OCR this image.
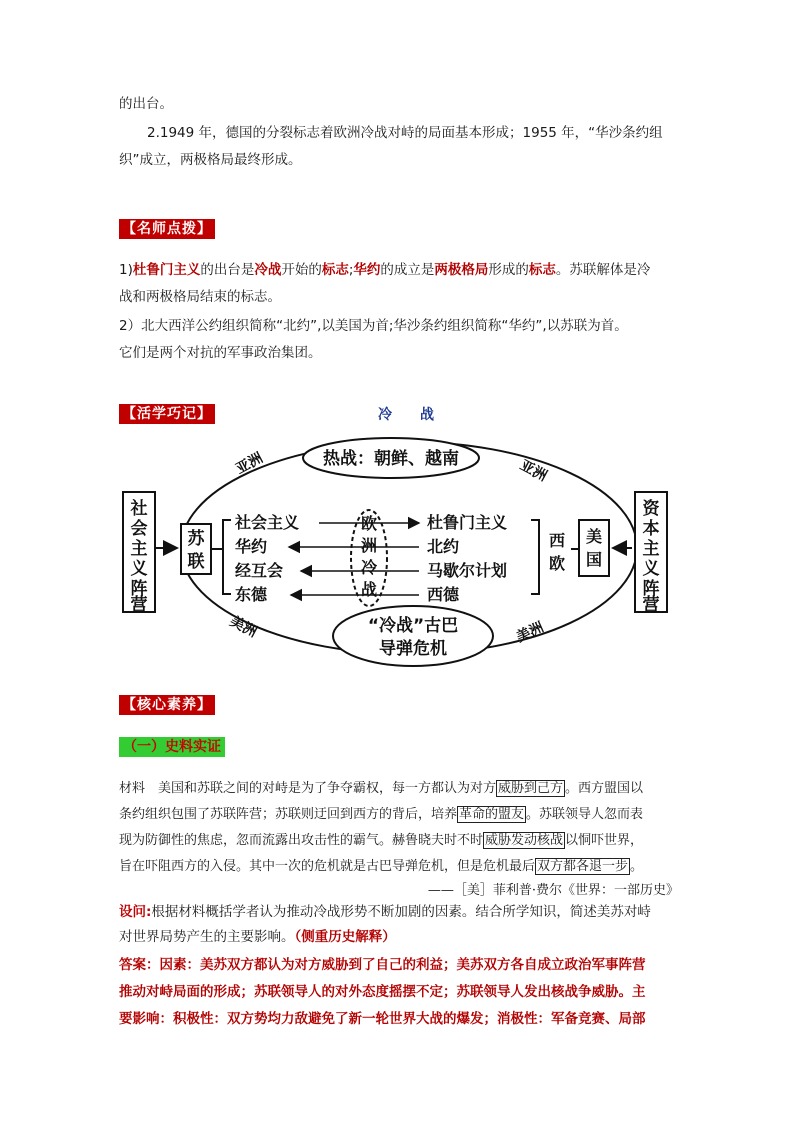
的出台。
2.1949 年，德国的分裂标志着欧洲冷战对峙的局面基本形成；1955 年，“华沙条约组
织”成立，两极格局最终形成。
【名师点拨】
1)杜鲁门主义的出台是冷战开始的标志;华约的成立是两极格局形成的标志。苏联解体是冷
战和两极格局结束的标志。
2）北大西洋公约组织简称“北约”,以美国为首;华沙条约组织简称“华约”,以苏联为首。
它们是两个对抗的军事政治集团。
【活学巧记】	冷　　战
热战：朝鲜、越南
“冷战”古巴
导弹危机
社
会
主
义
阵
营
苏
联
社会主义
华约
经互会
东德
欧
洲
冷
战
杜鲁门主义
北约
马歇尔计划
西德
西
欧
美
国
资
本
主
义
阵
营
亚洲	亚洲
美洲	美洲
【核心素养】
（一）史料实证
材料　美国和苏联之间的对峙是为了争夺霸权，每一方都认为对方 威胁到己方 。西方盟国以
条约组织包围了苏联阵营；苏联则迂回到西方的背后，培养 革命的盟友 。苏联领导人忽而表
现为防御性的焦虑，忽而流露出攻击性的霸气。赫鲁晓夫时不时 威胁发动核战 以恫吓世界，
旨在吓阻西方的入侵。其中一次的危机就是古巴导弹危机，但是危机最后 双方都各退一步 。
——［美］菲利普·费尔《世界：一部历史》
设问:根据材料概括学者认为推动冷战形势不断加剧的因素。结合所学知识，简述美苏对峙
对世界局势产生的主要影响。（侧重历史解释）
答案：因素：美苏双方都认为对方威胁到了自己的利益；美苏双方各自成立政治军事阵营
推动对峙局面的形成；苏联领导人的对外态度摇摆不定；苏联领导人发出核战争威胁。主
要影响：积极性：双方势均力敌避免了新一轮世界大战的爆发；消极性：军备竞赛、局部
